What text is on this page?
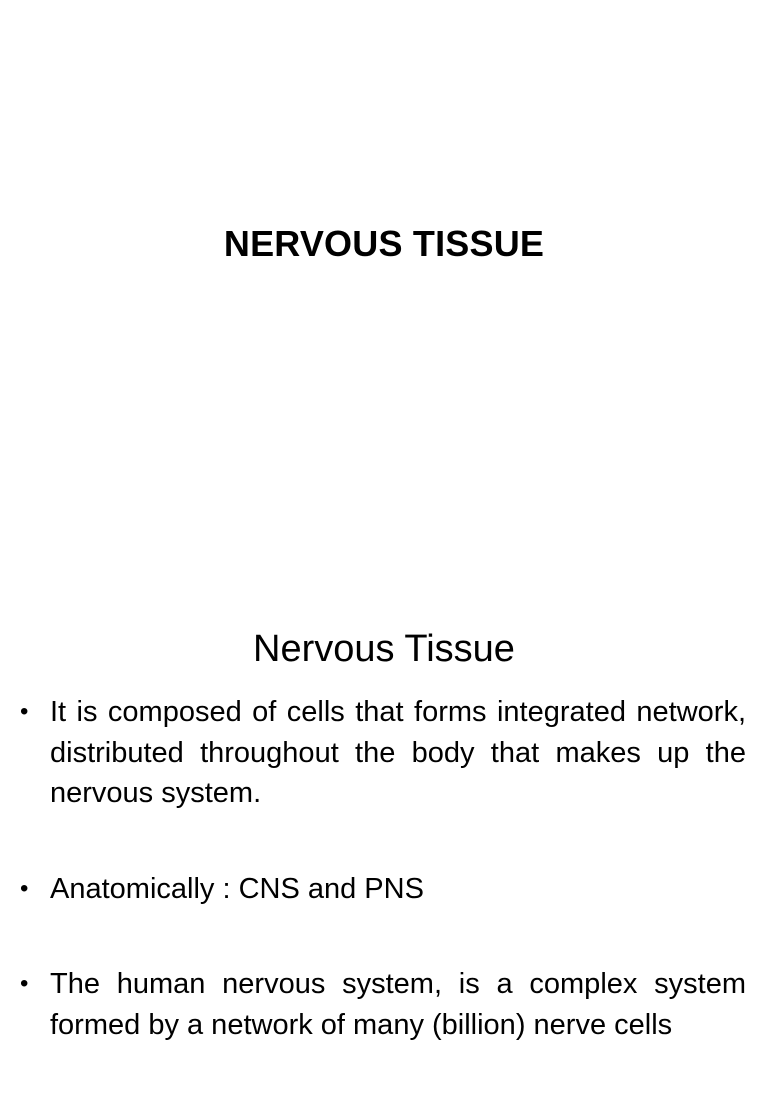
NERVOUS TISSUE
Nervous Tissue
• It is composed of cells that forms integrated network, distributed throughout the body that makes up the nervous system.
• Anatomically : CNS and PNS
• The human nervous system, is a complex system formed by a network of many (billion) nerve cells
